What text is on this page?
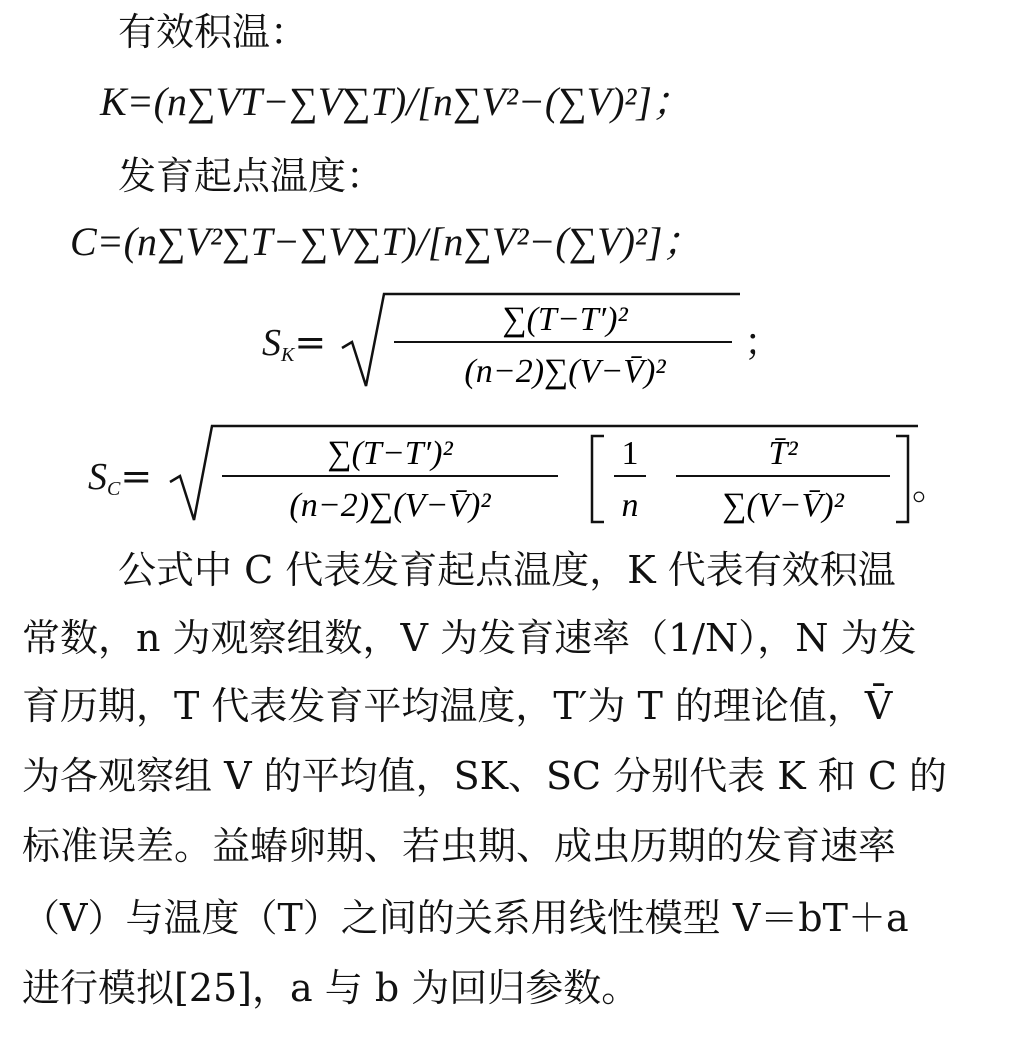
有效积温：
K=(n∑VT−∑V∑T)/[n∑V²−(∑V)²]；
发育起点温度：
C=(n∑V²∑T−∑V∑T)/[n∑V²−(∑V)²]；
$S_K=$
∑(T−T′)²
(n−2)∑(V−V̄)²
；
$S_C=$
∑(T−T′)²
(n−2)∑(V−V̄)²
1
n
T̄²
∑(V−V̄)² 。
公式中 C 代表发育起点温度，K 代表有效积温
常数，n 为观察组数，V 为发育速率（1/N），N 为发
育历期，T 代表发育平均温度，T′为 T 的理论值，V̄
为各观察组 V 的平均值，SK、SC 分别代表 K 和 C 的
标准误差。益蝽卵期、若虫期、成虫历期的发育速率
（V）与温度（T）之间的关系用线性模型 V＝bT＋a
进行模拟[25]，a 与 b 为回归参数。
